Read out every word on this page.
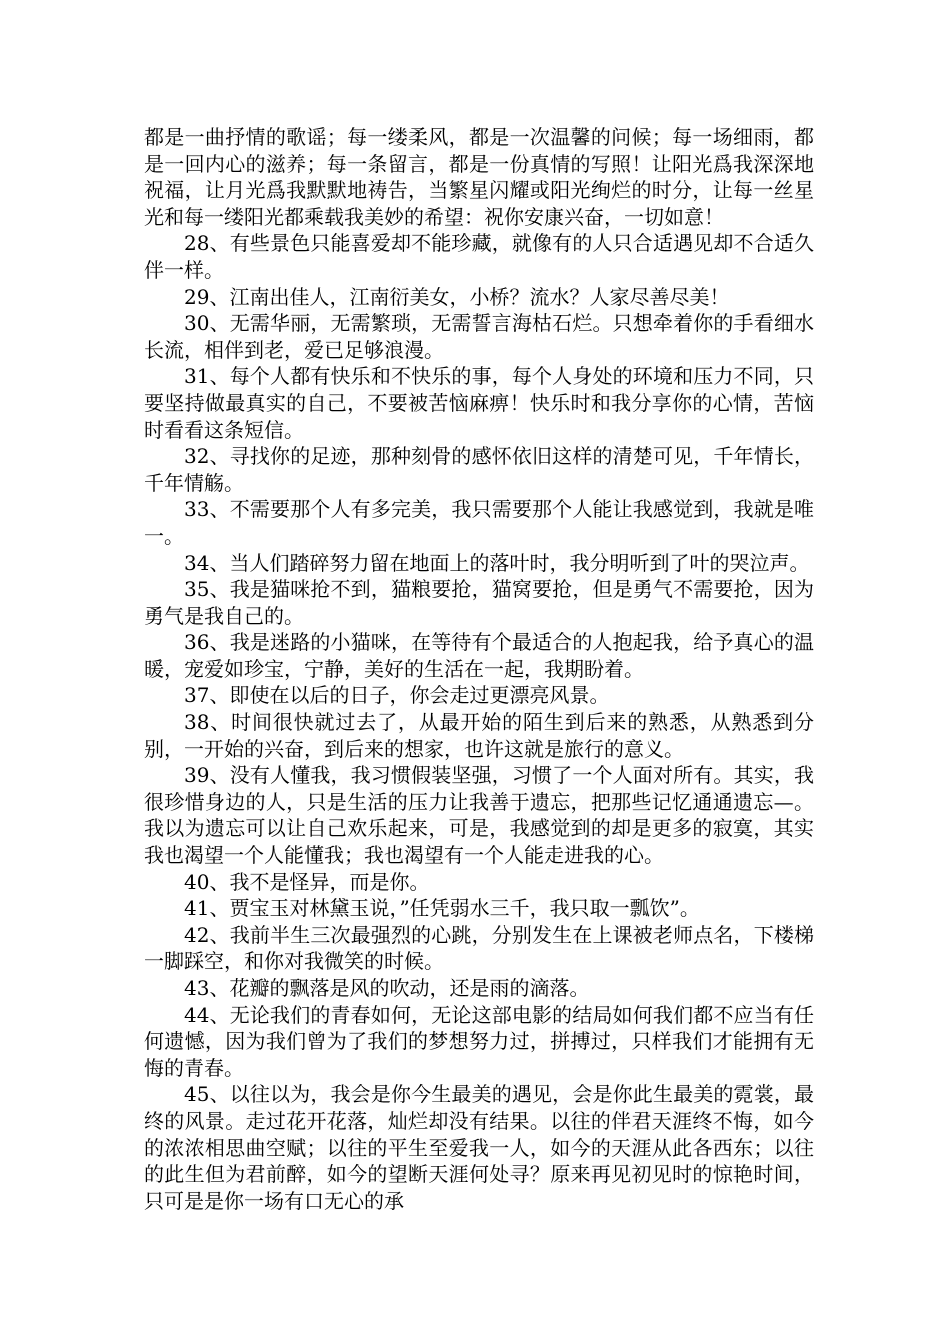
都是一曲抒情的歌谣；每一缕柔风，都是一次温馨的问候；每一场细雨，都是一回内心的滋养；每一条留言，都是一份真情的写照！让阳光爲我深深地祝福，让月光爲我默默地祷告，当繁星闪耀或阳光绚烂的时分，让每一丝星光和每一缕阳光都乘载我美妙的希望：祝你安康兴奋，一切如意！

28、有些景色只能喜爱却不能珍藏，就像有的人只合适遇见却不合适久伴一样。

29、江南出佳人，江南衍美女，小桥？流水？人家尽善尽美！

30、无需华丽，无需繁琐，无需誓言海枯石烂。只想牵着你的手看细水长流，相伴到老，爱已足够浪漫。

31、每个人都有快乐和不快乐的事，每个人身处的环境和压力不同，只要坚持做最真实的自己，不要被苦恼麻痹！快乐时和我分享你的心情，苦恼时看看这条短信。

32、寻找你的足迹，那种刻骨的感怀依旧这样的清楚可见，千年情长，千年情觞。

33、不需要那个人有多完美，我只需要那个人能让我感觉到，我就是唯一。

34、当人们踏碎努力留在地面上的落叶时，我分明听到了叶的哭泣声。

35、我是猫咪抢不到，猫粮要抢，猫窝要抢，但是勇气不需要抢，因为勇气是我自己的。

36、我是迷路的小猫咪，在等待有个最适合的人抱起我，给予真心的温暖，宠爱如珍宝，宁静，美好的生活在一起，我期盼着。

37、即使在以后的日子，你会走过更漂亮风景。

38、时间很快就过去了，从最开始的陌生到后来的熟悉，从熟悉到分别，一开始的兴奋，到后来的想家，也许这就是旅行的意义。

39、没有人懂我，我习惯假装坚强，习惯了一个人面对所有。其实，我很珍惜身边的人，只是生活的压力让我善于遗忘，把那些记忆通通遗忘—。我以为遗忘可以让自己欢乐起来，可是，我感觉到的却是更多的寂寞，其实我也渴望一个人能懂我；我也渴望有一个人能走进我的心。

40、我不是怪异，而是你。

41、贾宝玉对林黛玉说，”任凭弱水三千，我只取一瓢饮”。

42、我前半生三次最强烈的心跳，分别发生在上课被老师点名，下楼梯一脚踩空，和你对我微笑的时候。

43、花瓣的飘落是风的吹动，还是雨的滴落。

44、无论我们的青春如何，无论这部电影的结局如何我们都不应当有任何遗憾，因为我们曾为了我们的梦想努力过，拼搏过，只样我们才能拥有无悔的青春。

45、以往以为，我会是你今生最美的遇见，会是你此生最美的霓裳，最终的风景。走过花开花落，灿烂却没有结果。以往的伴君天涯终不悔，如今的浓浓相思曲空赋；以往的平生至爱我一人，如今的天涯从此各西东；以往的此生但为君前醉，如今的望断天涯何处寻？原来再见初见时的惊艳时间，只可是是你一场有口无心的承
